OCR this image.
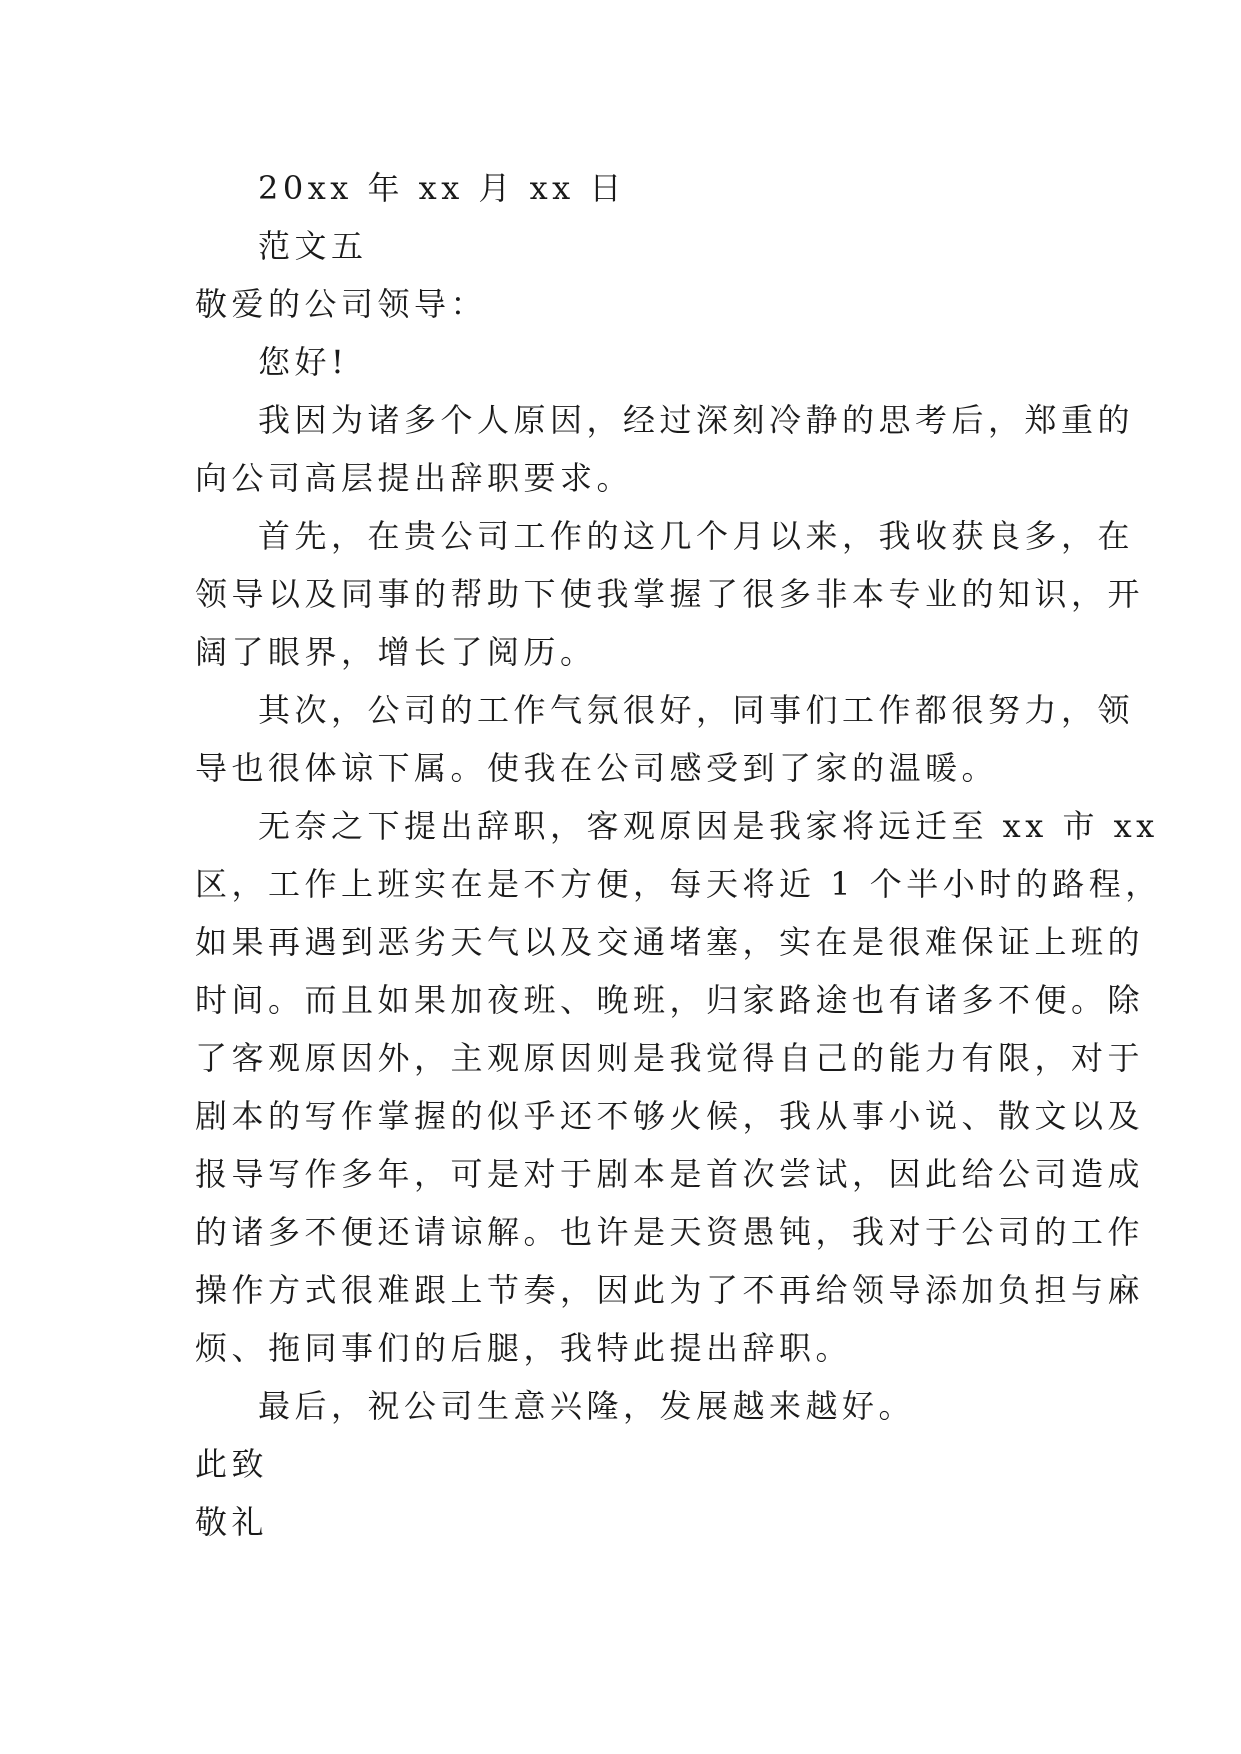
20xx 年 xx 月 xx 日
范文五
敬爱的公司领导：
您好!
我因为诸多个人原因，经过深刻冷静的思考后，郑重的
向公司高层提出辞职要求。
首先，在贵公司工作的这几个月以来，我收获良多，在
领导以及同事的帮助下使我掌握了很多非本专业的知识，开
阔了眼界，增长了阅历。
其次，公司的工作气氛很好，同事们工作都很努力，领
导也很体谅下属。使我在公司感受到了家的温暖。
无奈之下提出辞职，客观原因是我家将远迁至 xx 市 xx
区，工作上班实在是不方便，每天将近 1 个半小时的路程，
如果再遇到恶劣天气以及交通堵塞，实在是很难保证上班的
时间。而且如果加夜班、晚班，归家路途也有诸多不便。除
了客观原因外，主观原因则是我觉得自己的能力有限，对于
剧本的写作掌握的似乎还不够火候，我从事小说、散文以及
报导写作多年，可是对于剧本是首次尝试，因此给公司造成
的诸多不便还请谅解。也许是天资愚钝，我对于公司的工作
操作方式很难跟上节奏，因此为了不再给领导添加负担与麻
烦、拖同事们的后腿，我特此提出辞职。
最后，祝公司生意兴隆，发展越来越好。
此致
敬礼
